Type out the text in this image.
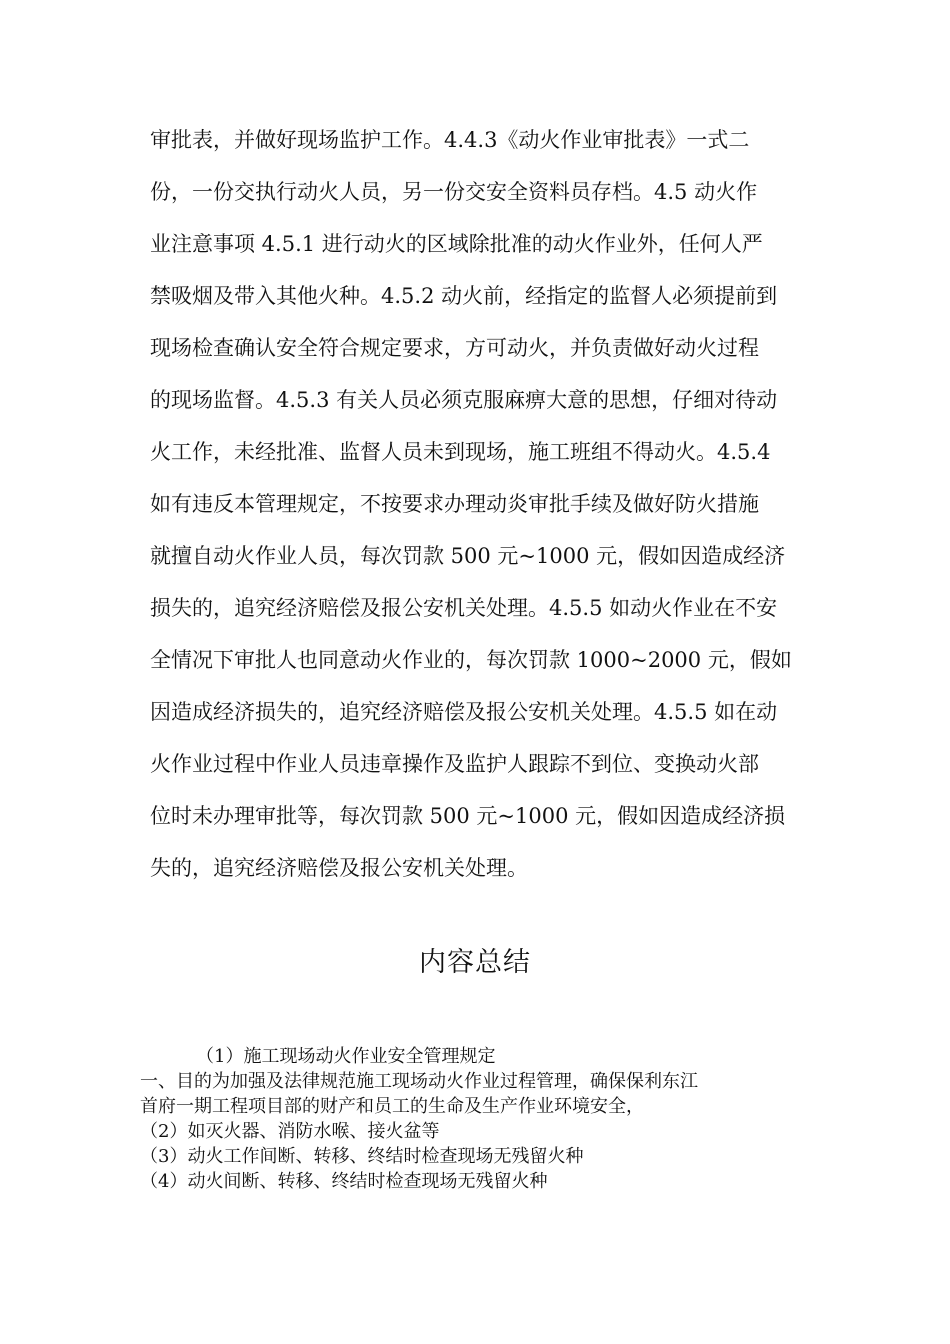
审批表，并做好现场监护工作。4.4.3《动火作业审批表》一式二
份，一份交执行动火人员，另一份交安全资料员存档。4.5 动火作
业注意事项 4.5.1 进行动火的区域除批准的动火作业外，任何人严
禁吸烟及带入其他火种。4.5.2 动火前，经指定的监督人必须提前到
现场检查确认安全符合规定要求，方可动火，并负责做好动火过程
的现场监督。4.5.3 有关人员必须克服麻痹大意的思想，仔细对待动
火工作，未经批准、监督人员未到现场，施工班组不得动火。4.5.4
如有违反本管理规定，不按要求办理动炎审批手续及做好防火措施
就擅自动火作业人员，每次罚款 500 元~1000 元，假如因造成经济
损失的，追究经济赔偿及报公安机关处理。4.5.5 如动火作业在不安
全情况下审批人也同意动火作业的，每次罚款 1000~2000 元，假如
因造成经济损失的，追究经济赔偿及报公安机关处理。4.5.5 如在动
火作业过程中作业人员违章操作及监护人跟踪不到位、变换动火部
位时未办理审批等，每次罚款 500 元~1000 元，假如因造成经济损
失的，追究经济赔偿及报公安机关处理。
内容总结
（1）施工现场动火作业安全管理规定
一、目的为加强及法律规范施工现场动火作业过程管理，确保保利东江
首府一期工程项目部的财产和员工的生命及生产作业环境安全，
（2）如灭火器、消防水喉、接火盆等
（3）动火工作间断、转移、终结时检查现场无残留火种
（4）动火间断、转移、终结时检查现场无残留火种
